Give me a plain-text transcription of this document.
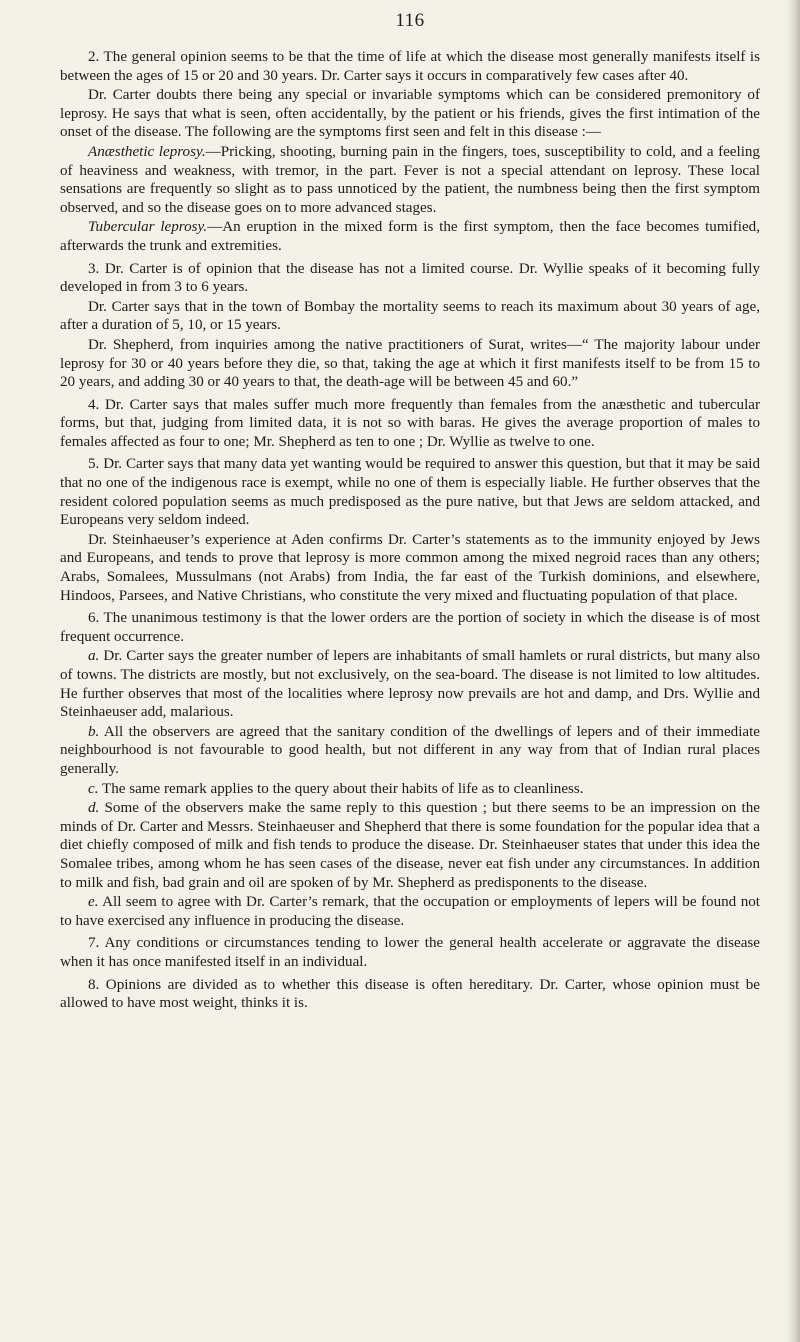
116

2. The general opinion seems to be that the time of life at which the disease most generally manifests itself is between the ages of 15 or 20 and 30 years. Dr. Carter says it occurs in comparatively few cases after 40.

Dr. Carter doubts there being any special or invariable symptoms which can be considered premonitory of leprosy. He says that what is seen, often accidentally, by the patient or his friends, gives the first intimation of the onset of the disease. The following are the symptoms first seen and felt in this disease :—

Anæsthetic leprosy.—Pricking, shooting, burning pain in the fingers, toes, susceptibility to cold, and a feeling of heaviness and weakness, with tremor, in the part. Fever is not a special attendant on leprosy. These local sensations are frequently so slight as to pass unnoticed by the patient, the numbness being then the first symptom observed, and so the disease goes on to more advanced stages.

Tubercular leprosy.—An eruption in the mixed form is the first symptom, then the face becomes tumified, afterwards the trunk and extremities.

3. Dr. Carter is of opinion that the disease has not a limited course. Dr. Wyllie speaks of it becoming fully developed in from 3 to 6 years.

Dr. Carter says that in the town of Bombay the mortality seems to reach its maximum about 30 years of age, after a duration of 5, 10, or 15 years.

Dr. Shepherd, from inquiries among the native practitioners of Surat, writes—“ The majority labour under leprosy for 30 or 40 years before they die, so that, taking the age at which it first manifests itself to be from 15 to 20 years, and adding 30 or 40 years to that, the death-age will be between 45 and 60.”

4. Dr. Carter says that males suffer much more frequently than females from the anæsthetic and tubercular forms, but that, judging from limited data, it is not so with baras. He gives the average proportion of males to females affected as four to one; Mr. Shepherd as ten to one ; Dr. Wyllie as twelve to one.

5. Dr. Carter says that many data yet wanting would be required to answer this question, but that it may be said that no one of the indigenous race is exempt, while no one of them is especially liable. He further observes that the resident colored population seems as much predisposed as the pure native, but that Jews are seldom attacked, and Europeans very seldom indeed.

Dr. Steinhaeuser’s experience at Aden confirms Dr. Carter’s statements as to the immunity enjoyed by Jews and Europeans, and tends to prove that leprosy is more common among the mixed negroid races than any others; Arabs, Somalees, Mussulmans (not Arabs) from India, the far east of the Turkish dominions, and elsewhere, Hindoos, Parsees, and Native Christians, who constitute the very mixed and fluctuating population of that place.

6. The unanimous testimony is that the lower orders are the portion of society in which the disease is of most frequent occurrence.

a. Dr. Carter says the greater number of lepers are inhabitants of small hamlets or rural districts, but many also of towns. The districts are mostly, but not exclusively, on the sea-board. The disease is not limited to low altitudes. He further observes that most of the localities where leprosy now prevails are hot and damp, and Drs. Wyllie and Steinhaeuser add, malarious.

b. All the observers are agreed that the sanitary condition of the dwellings of lepers and of their immediate neighbourhood is not favourable to good health, but not different in any way from that of Indian rural places generally.

c. The same remark applies to the query about their habits of life as to cleanliness.

d. Some of the observers make the same reply to this question ; but there seems to be an impression on the minds of Dr. Carter and Messrs. Steinhaeuser and Shepherd that there is some foundation for the popular idea that a diet chiefly composed of milk and fish tends to produce the disease. Dr. Steinhaeuser states that under this idea the Somalee tribes, among whom he has seen cases of the disease, never eat fish under any circumstances. In addition to milk and fish, bad grain and oil are spoken of by Mr. Shepherd as predisponents to the disease.

e. All seem to agree with Dr. Carter’s remark, that the occupation or employments of lepers will be found not to have exercised any influence in producing the disease.

7. Any conditions or circumstances tending to lower the general health accelerate or aggravate the disease when it has once manifested itself in an individual.

8. Opinions are divided as to whether this disease is often hereditary. Dr. Carter, whose opinion must be allowed to have most weight, thinks it is.
